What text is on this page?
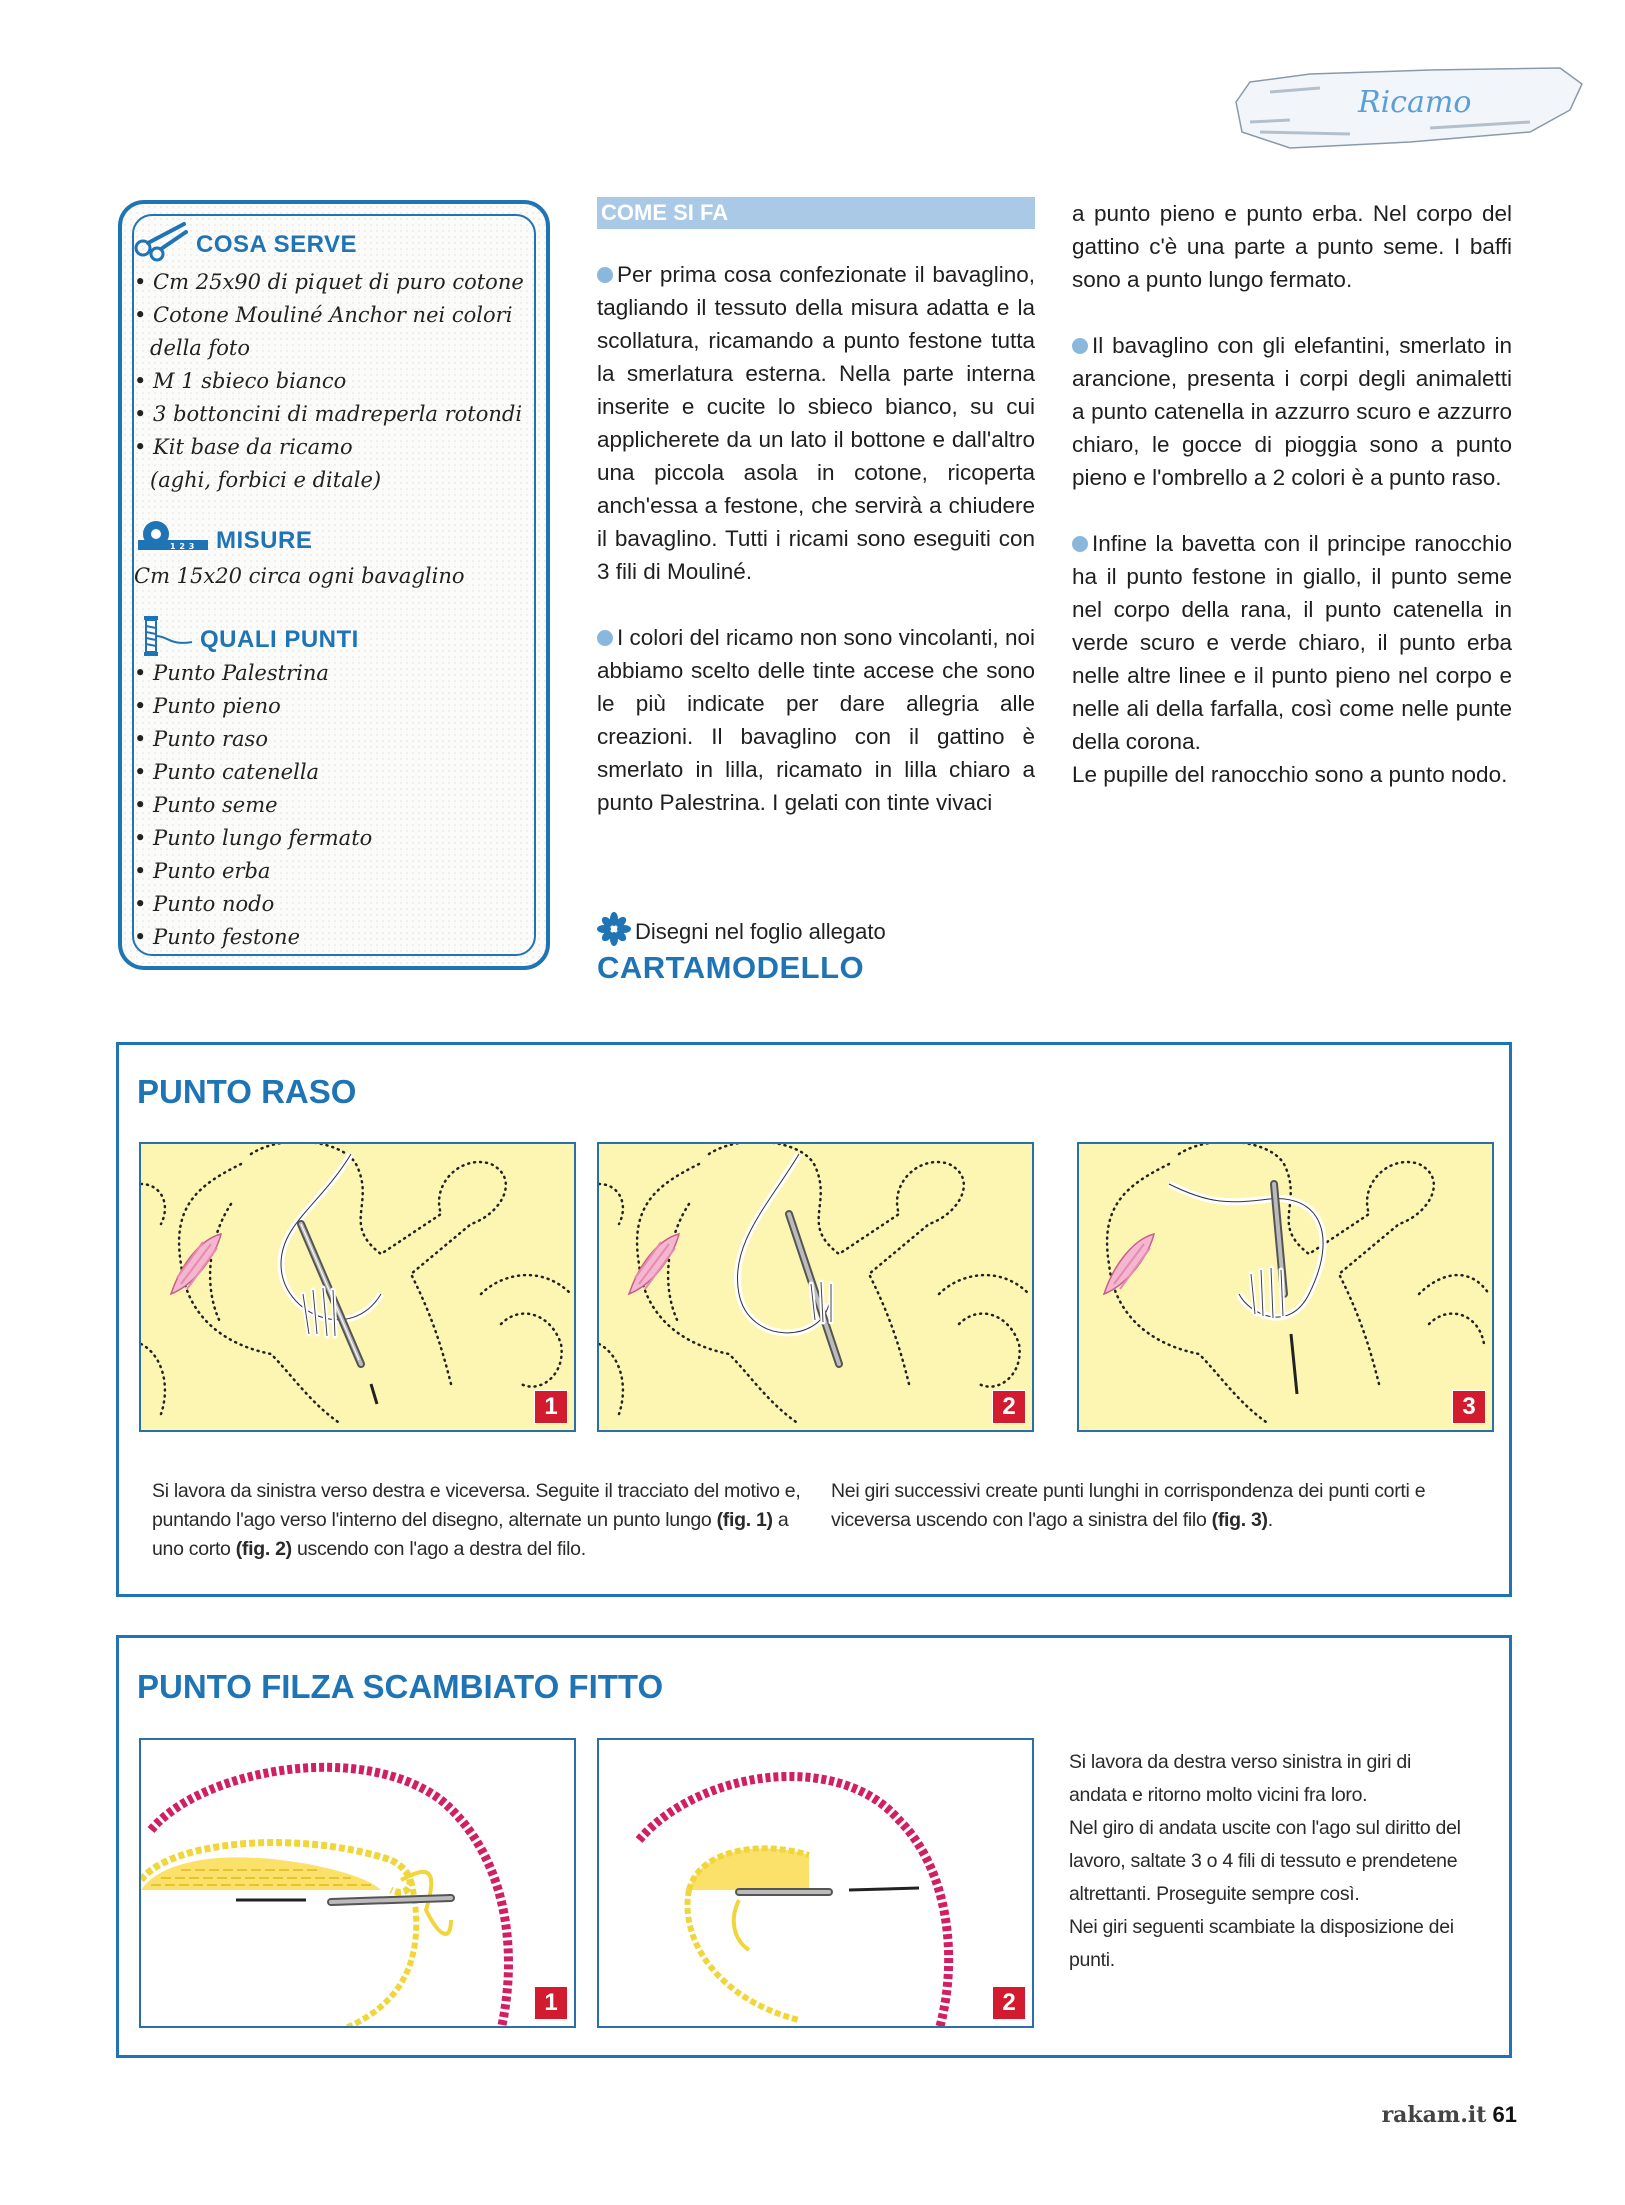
Ricamo
COSA SERVE
• Cm 25x90 di piquet di puro cotone
• Cotone Mouliné Anchor nei colori
della foto
• M 1 sbieco bianco
• 3 bottoncini di madreperla rotondi
• Kit base da ricamo
(aghi, forbici e ditale)
1 2 3 MISURE
Cm 15x20 circa ogni bavaglino
QUALI PUNTI
• Punto Palestrina
• Punto pieno
• Punto raso
• Punto catenella
• Punto seme
• Punto lungo fermato
• Punto erba
• Punto nodo
• Punto festone
COME SI FA

Per prima cosa confezionate il bavaglino, tagliando il tessuto della misura adatta e la scollatura, ricamando a punto festone tutta la smerlatura esterna. Nella parte interna inserite e cucite lo sbieco bianco, su cui applicherete da un lato il bottone e dall'altro una piccola asola in cotone, ricoperta anch'essa a festone, che servirà a chiudere il bavaglino. Tutti i ricami sono eseguiti con 3 fili di Mouliné.

I colori del ricamo non sono vincolanti, noi abbiamo scelto delle tinte accese che sono le più indicate per dare allegria alle creazioni. Il bavaglino con il gattino è smerlato in lilla, ricamato in lilla chiaro a punto Palestrina. I gelati con tinte vivaci

Disegni nel foglio allegato
CARTAMODELLO

a punto pieno e punto erba. Nel corpo del gattino c'è una parte a punto seme. I baffi sono a punto lungo fermato.

Il bavaglino con gli elefantini, smerlato in arancione, presenta i corpi degli animaletti a punto catenella in azzurro scuro e azzurro chiaro, le gocce di pioggia sono a punto pieno e l'ombrello a 2 colori è a punto raso.

Infine la bavetta con il principe ranocchio ha il punto festone in giallo, il punto seme nel corpo della rana, il punto catenella in verde scuro e verde chiaro, il punto erba nelle altre linee e il punto pieno nel corpo e nelle ali della farfalla, così come nelle punte della corona.

Le pupille del ranocchio sono a punto nodo.

PUNTO RASO
1	2	3
Si lavora da sinistra verso destra e viceversa. Seguite il tracciato del motivo e, puntando l'ago verso l'interno del disegno, alternate un punto lungo (fig. 1) a uno corto (fig. 2) uscendo con l'ago a destra del filo.
Nei giri successivi create punti lunghi in corrispondenza dei punti corti e viceversa uscendo con l'ago a sinistra del filo (fig. 3).
PUNTO FILZA SCAMBIATO FITTO
1	2
Si lavora da destra verso sinistra in giri di andata e ritorno molto vicini fra loro.
Nel giro di andata uscite con l'ago sul diritto del lavoro, saltate 3 o 4 fili di tessuto e prendetene altrettanti. Proseguite sempre così.
Nei giri seguenti scambiate la disposizione dei punti.
rakam.it 61
